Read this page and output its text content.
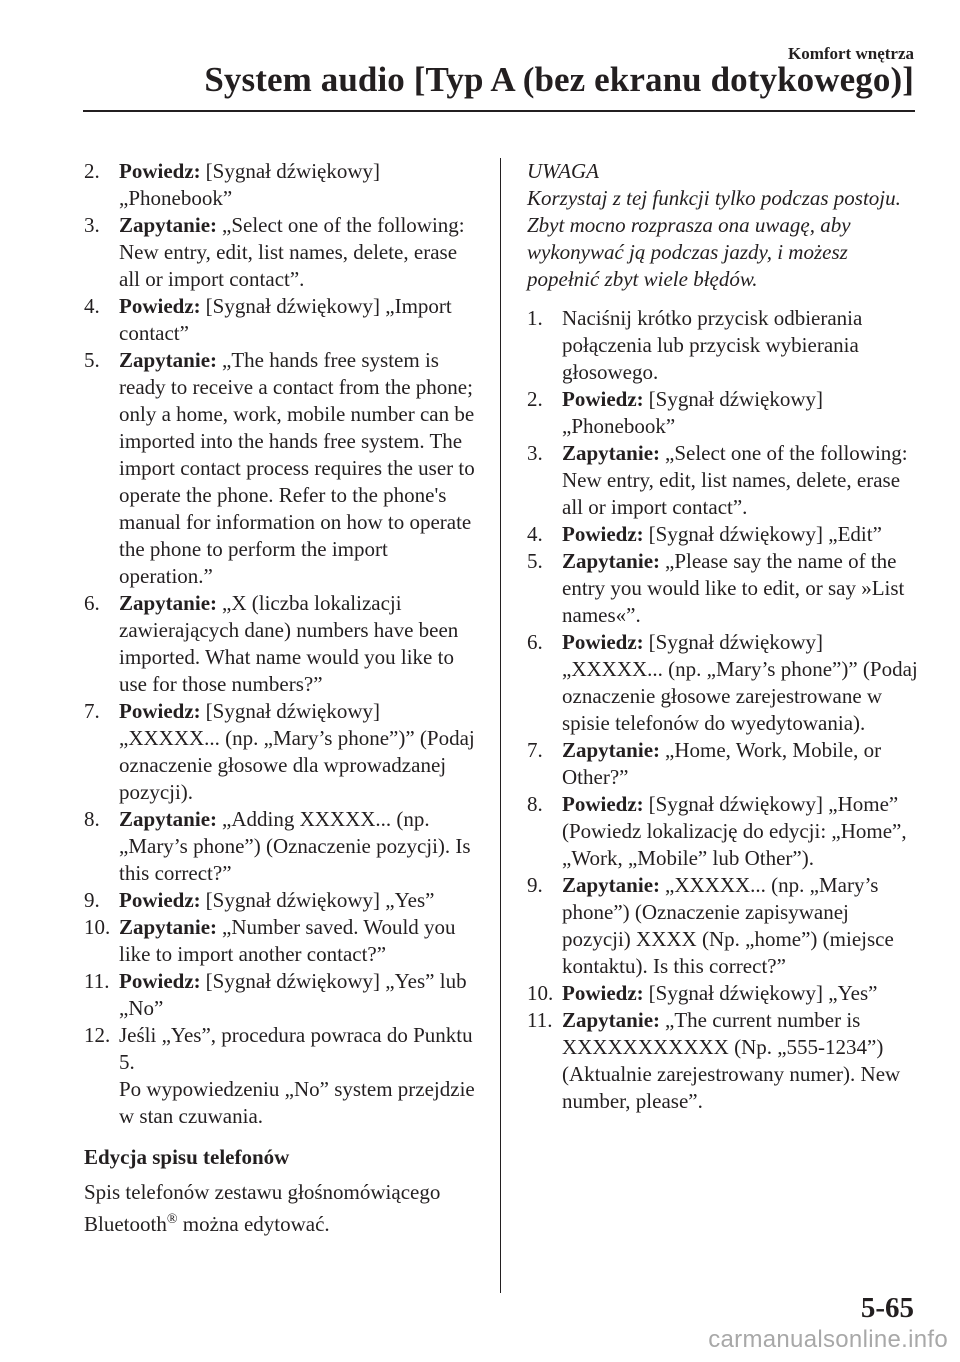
Komfort wnętrza
System audio [Typ A (bez ekranu dotykowego)]
2. Powiedz: [Sygnał dźwiękowy] „Phonebook”
3. Zapytanie: „Select one of the following: New entry, edit, list names, delete, erase all or import contact”.
4. Powiedz: [Sygnał dźwiękowy] „Import contact”
5. Zapytanie: „The hands free system is ready to receive a contact from the phone; only a home, work, mobile number can be imported into the hands free system. The import contact process requires the user to operate the phone. Refer to the phone's manual for information on how to operate the phone to perform the import operation.”
6. Zapytanie: „X (liczba lokalizacji zawierających dane) numbers have been imported. What name would you like to use for those numbers?”
7. Powiedz: [Sygnał dźwiękowy] „XXXXX... (np. „Mary’s phone”)” (Podaj oznaczenie głosowe dla wprowadzanej pozycji).
8. Zapytanie: „Adding XXXXX... (np. „Mary’s phone”) (Oznaczenie pozycji). Is this correct?”
9. Powiedz: [Sygnał dźwiękowy] „Yes”
10. Zapytanie: „Number saved. Would you like to import another contact?”
11. Powiedz: [Sygnał dźwiękowy] „Yes” lub „No”
12. Jeśli „Yes”, procedura powraca do Punktu 5.
Po wypowiedzeniu „No” system przejdzie w stan czuwania.
Edycja spisu telefonów
Spis telefonów zestawu głośnomówiącego Bluetooth® można edytować.
UWAGA
Korzystaj z tej funkcji tylko podczas postoju. Zbyt mocno rozprasza ona uwagę, aby wykonywać ją podczas jazdy, i możesz popełnić zbyt wiele błędów.
1. Naciśnij krótko przycisk odbierania połączenia lub przycisk wybierania głosowego.
2. Powiedz: [Sygnał dźwiękowy] „Phonebook”
3. Zapytanie: „Select one of the following: New entry, edit, list names, delete, erase all or import contact”.
4. Powiedz: [Sygnał dźwiękowy] „Edit”
5. Zapytanie: „Please say the name of the entry you would like to edit, or say »List names«”.
6. Powiedz: [Sygnał dźwiękowy] „XXXXX... (np. „Mary’s phone”)” (Podaj oznaczenie głosowe zarejestrowane w spisie telefonów do wyedytowania).
7. Zapytanie: „Home, Work, Mobile, or Other?”
8. Powiedz: [Sygnał dźwiękowy] „Home” (Powiedz lokalizację do edycji: „Home”, „Work, „Mobile” lub Other”).
9. Zapytanie: „XXXXX... (np. „Mary’s phone”) (Oznaczenie zapisywanej pozycji) XXXX (Np. „home”) (miejsce kontaktu). Is this correct?”
10. Powiedz: [Sygnał dźwiękowy] „Yes”
11. Zapytanie: „The current number is XXXXXXXXXXX (Np. „555-1234”) (Aktualnie zarejestrowany numer). New number, please”.
5-65
carmanualsonline.info
